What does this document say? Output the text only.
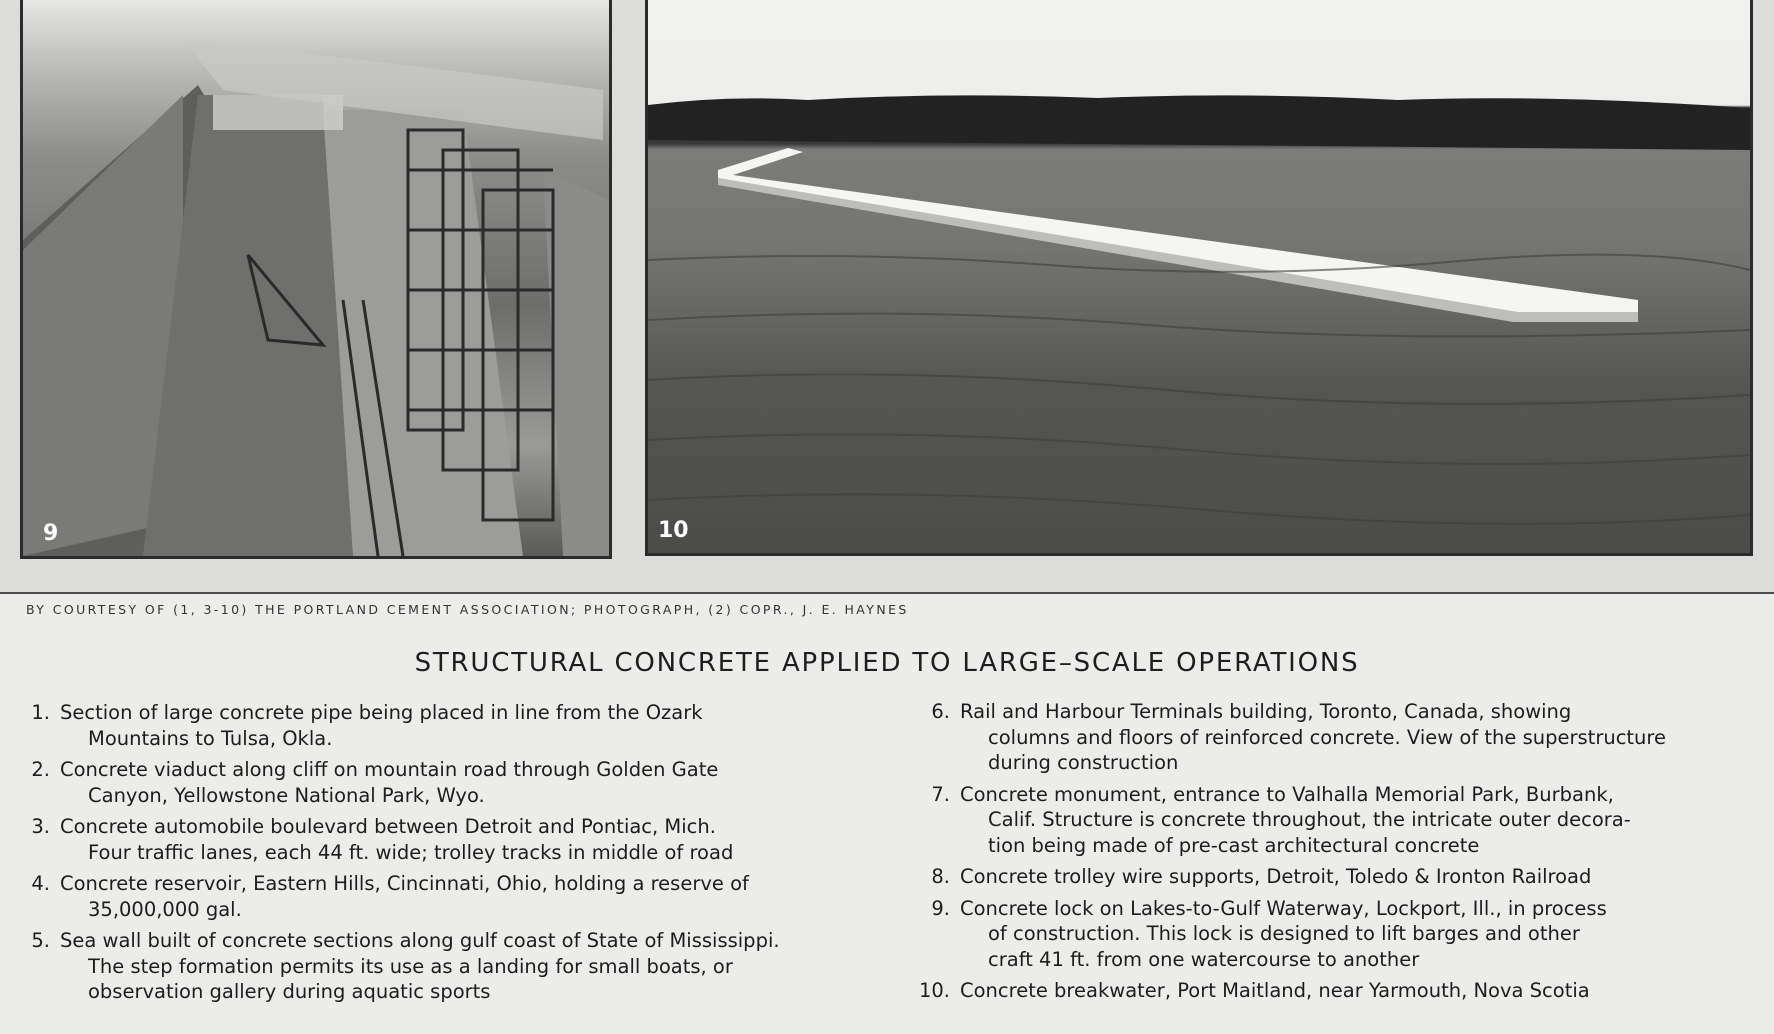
9	10
BY COURTESY OF (1, 3-10) THE PORTLAND CEMENT ASSOCIATION; PHOTOGRAPH, (2) COPR., J. E. HAYNES
STRUCTURAL CONCRETE APPLIED TO LARGE–SCALE OPERATIONS
1. Section of large concrete pipe being placed in line from the Ozark
Mountains to Tulsa, Okla.
2. Concrete viaduct along cliff on mountain road through Golden Gate
Canyon, Yellowstone National Park, Wyo.
3. Concrete automobile boulevard between Detroit and Pontiac, Mich.
Four traffic lanes, each 44 ft. wide; trolley tracks in middle of road
4. Concrete reservoir, Eastern Hills, Cincinnati, Ohio, holding a reserve of
35,000,000 gal.
5. Sea wall built of concrete sections along gulf coast of State of Mississippi.
The step formation permits its use as a landing for small boats, or
observation gallery during aquatic sports
6. Rail and Harbour Terminals building, Toronto, Canada, showing
columns and floors of reinforced concrete. View of the superstructure
during construction
7. Concrete monument, entrance to Valhalla Memorial Park, Burbank,
Calif. Structure is concrete throughout, the intricate outer decora-
tion being made of pre-cast architectural concrete
8. Concrete trolley wire supports, Detroit, Toledo & Ironton Railroad
9. Concrete lock on Lakes-to-Gulf Waterway, Lockport, Ill., in process
of construction. This lock is designed to lift barges and other
craft 41 ft. from one watercourse to another
10. Concrete breakwater, Port Maitland, near Yarmouth, Nova Scotia
